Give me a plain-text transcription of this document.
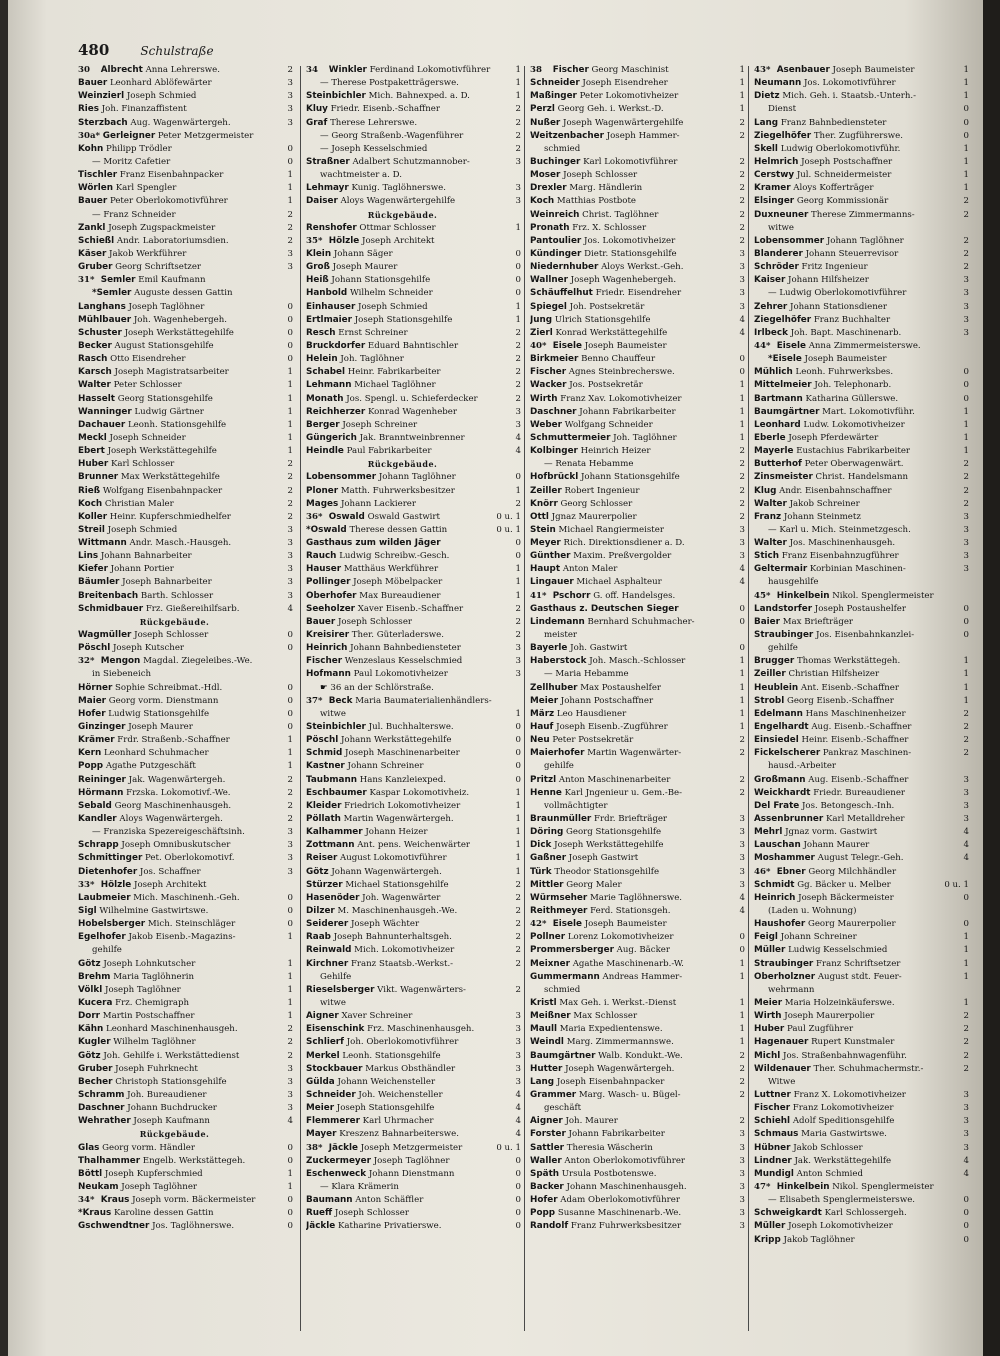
480	Schulstraße
30 Albrecht Anna Lehrerswe.	2
Bauer Leonhard Ablöfewärter	3
Weinzierl Joseph Schmied	3
Ries Joh. Finanzaffistent	3
Sterzbach Aug. Wagenwärtergeh.	3
30a* Gerleigner Peter Metzgermeister
Kohn Philipp Trödler	0
— Moritz Cafetier	0
Tischler Franz Eisenbahnpacker	1
Wörlen Karl Spengler	1
Bauer Peter Oberlokomotivführer	1
— Franz Schneider	2
Zankl Joseph Zugspackmeister	2
Schießl Andr. Laboratoriumsdien.	2
Käser Jakob Werkführer	3
Gruber Georg Schriftsetzer	3
31* Semler Emil Kaufmann
*Semler Auguste dessen Gattin
Langhans Joseph Taglöhner	0
Mühlbauer Joh. Wagenhebergeh.	0
Schuster Joseph Werkstättegehilfe	0
Becker August Stationsgehilfe	0
Rasch Otto Eisendreher	0
Karsch Joseph Magistratsarbeiter	1
Walter Peter Schlosser	1
Hasselt Georg Stationsgehilfe	1
Wanninger Ludwig Gärtner	1
Dachauer Leonh. Stationsgehilfe	1
Meckl Joseph Schneider	1
Ebert Joseph Werkstättegehilfe	1
Huber Karl Schlosser	2
Brunner Max Werkstättegehilfe	2
Rieß Wolfgang Eisenbahnpacker	2
Koch Christian Maler	2
Koller Heinr. Kupferschmiedhelfer	2
Streil Joseph Schmied	3
Wittmann Andr. Masch.-Hausgeh.	3
Lins Johann Bahnarbeiter	3
Kiefer Johann Portier	3
Bäumler Joseph Bahnarbeiter	3
Breitenbach Barth. Schlosser	3
Schmidbauer Frz. Gießereihilfsarb.	4
Rückgebäude.
Wagmüller Joseph Schlosser	0
Pöschl Joseph Kutscher	0
32* Mengon Magdal. Ziegeleibes.-We.
in Siebeneich
Hörner Sophie Schreibmat.-Hdl.	0
Maier Georg vorm. Dienstmann	0
Hofer Ludwig Stationsgehilfe	0
Ginzinger Joseph Maurer	0
Krämer Frdr. Straßenb.-Schaffner	1
Kern Leonhard Schuhmacher	1
Popp Agathe Putzgeschäft	1
Reininger Jak. Wagenwärtergeh.	2
Hörmann Frzska. Lokomotivf.-We.	2
Sebald Georg Maschinenhausgeh.	2
Kandler Aloys Wagenwärtergeh.	2
— Franziska Spezereigeschäftsinh.	3
Schrapp Joseph Omnibuskutscher	3
Schmittinger Pet. Oberlokomotivf.	3
Dietenhofer Jos. Schaffner	3
33* Hölzle Joseph Architekt
Laubmeier Mich. Maschinenh.-Geh.	0
Sigl Wilhelmine Gastwirtswe.	0
Hobelsberger Mich. Steinschläger	0
Egelhofer Jakob Eisenb.-Magazins-	1
gehilfe
Götz Joseph Lohnkutscher	1
Brehm Maria Taglöhnerin	1
Völkl Joseph Taglöhner	1
Kucera Frz. Chemigraph	1
Dorr Martin Postschaffner	1
Kähn Leonhard Maschinenhausgeh.	2
Kugler Wilhelm Taglöhner	2
Götz Joh. Gehilfe i. Werkstättedienst	2
Gruber Joseph Fuhrknecht	3
Becher Christoph Stationsgehilfe	3
Schramm Joh. Bureaudiener	3
Daschner Johann Buchdrucker	3
Wehrather Joseph Kaufmann	4
Rückgebäude.
Glas Georg vorm. Händler	0
Thalhammer Engelb. Werkstättegeh.	0
Böttl Joseph Kupferschmied	1
Neukam Joseph Taglöhner	1
34* Kraus Joseph vorm. Bäckermeister	0
*Kraus Karoline dessen Gattin	0
Gschwendtner Jos. Taglöhnerswe.	0
34 Winkler Ferdinand Lokomotivführer	1
— Therese Postpaketträgerswe.	1
Steinbichler Mich. Bahnexped. a. D.	1
Kluy Friedr. Eisenb.-Schaffner	2
Graf Therese Lehrerswe.	2
— Georg Straßenb.-Wagenführer	2
— Joseph Kesselschmied	2
Straßner Adalbert Schutzmannober-	3
wachtmeister a. D.
Lehmayr Kunig. Taglöhnerswe.	3
Daiser Aloys Wagenwärtergehilfe	3
Rückgebäude.
Renshofer Ottmar Schlosser	1
35* Hölzle Joseph Architekt
Klein Johann Säger	0
Groß Joseph Maurer	0
Heiß Johann Stationsgehilfe	0
Hanbold Wilhelm Schneider	0
Einhauser Joseph Schmied	1
Ertlmaier Joseph Stationsgehilfe	1
Resch Ernst Schreiner	2
Bruckdorfer Eduard Bahntischler	2
Helein Joh. Taglöhner	2
Schabel Heinr. Fabrikarbeiter	2
Lehmann Michael Taglöhner	2
Monath Jos. Spengl. u. Schieferdecker	2
Reichherzer Konrad Wagenheber	3
Berger Joseph Schreiner	3
Güngerich Jak. Branntweinbrenner	4
Heindle Paul Fabrikarbeiter	4
Rückgebäude.
Lobensommer Johann Taglöhner	0
Ploner Matth. Fuhrwerksbesitzer	1
Mages Johann Lackierer	2
36* Oswald Oswald Gastwirt	0 u. 1
*Oswald Therese dessen Gattin	0 u. 1
Gasthaus zum wilden Jäger	0
Rauch Ludwig Schreibw.-Gesch.	0
Hauser Matthäus Werkführer	1
Pollinger Joseph Möbelpacker	1
Oberhofer Max Bureaudiener	1
Seeholzer Xaver Eisenb.-Schaffner	2
Bauer Joseph Schlosser	2
Kreisirer Ther. Güterladerswe.	2
Heinrich Johann Bahnbediensteter	3
Fischer Wenzeslaus Kesselschmied	3
Hofmann Paul Lokomotivheizer	3
☛ 36 an der Schlörstraße.
37* Beck Maria Baumaterialienhändlers-
witwe	1
Steinbichler Jul. Buchhalterswe.	0
Pöschl Johann Werkstättegehilfe	0
Schmid Joseph Maschinenarbeiter	0
Kastner Johann Schreiner	0
Taubmann Hans Kanzleiexped.	0
Eschbaumer Kaspar Lokomotivheiz.	1
Kleider Friedrich Lokomotivheizer	1
Pöllath Martin Wagenwärtergeh.	1
Kalhammer Johann Heizer	1
Zottmann Ant. pens. Weichenwärter	1
Reiser August Lokomotivführer	1
Götz Johann Wagenwärtergeh.	1
Stürzer Michael Stationsgehilfe	2
Hasenöder Joh. Wagenwärter	2
Dilzer M. Maschinenhausgeh.-We.	2
Seiderer Joseph Wächter	2
Raab Joseph Bahnunterhaltsgeh.	2
Reinwald Mich. Lokomotivheizer	2
Kirchner Franz Staatsb.-Werkst.-	2
Gehilfe
Rieselsberger Vikt. Wagenwärters-	2
witwe
Aigner Xaver Schreiner	3
Eisenschink Frz. Maschinenhausgeh.	3
Schlierf Joh. Oberlokomotivführer	3
Merkel Leonh. Stationsgehilfe	3
Stockbauer Markus Obsthändler	3
Gülda Johann Weichensteller	3
Schneider Joh. Weichensteller	4
Meier Joseph Stationsgehilfe	4
Flemmerer Karl Uhrmacher	4
Mayer Kreszenz Bahnarbeiterswe.	4
38* Jäckle Joseph Metzgermeister	0 u. 1
Zuckermeyer Joseph Taglöhner	0
Eschenweck Johann Dienstmann	0
— Klara Krämerin	0
Baumann Anton Schäffler	0
Rueff Joseph Schlosser	0
Jäckle Katharine Privatierswe.	0
38 Fischer Georg Maschinist	1
Schneider Joseph Eisendreher	1
Maßinger Peter Lokomotivheizer	1
Perzl Georg Geh. i. Werkst.-D.	1
Nußer Joseph Wagenwärtergehilfe	2
Weitzenbacher Joseph Hammer-	2
schmied
Buchinger Karl Lokomotivführer	2
Moser Joseph Schlosser	2
Drexler Marg. Händlerin	2
Koch Matthias Postbote	2
Weinreich Christ. Taglöhner	2
Pronath Frz. X. Schlosser	2
Pantoulier Jos. Lokomotivheizer	2
Kündinger Dietr. Stationsgehilfe	3
Niedernhuber Aloys Werkst.-Geh.	3
Wallner Joseph Wagenhebergeh.	3
Schäuffelhut Friedr. Eisendreher	3
Spiegel Joh. Postsekretär	3
Jung Ulrich Stationsgehilfe	4
Zierl Konrad Werkstättegehilfe	4
40* Eisele Joseph Baumeister
Birkmeier Benno Chauffeur	0
Fischer Agnes Steinbrecherswe.	0
Wacker Jos. Postsekretär	1
Wirth Franz Xav. Lokomotivheizer	1
Daschner Johann Fabrikarbeiter	1
Weber Wolfgang Schneider	1
Schmuttermeier Joh. Taglöhner	1
Kolbinger Heinrich Heizer	2
— Renata Hebamme	2
Hofbrückl Johann Stationsgehilfe	2
Zeiller Robert Ingenieur	2
Knörr Georg Schlosser	2
Ottl Jgnaz Maurerpolier	2
Stein Michael Rangiermeister	3
Meyer Rich. Direktionsdiener a. D.	3
Günther Maxim. Preßvergolder	3
Haupt Anton Maler	4
Lingauer Michael Asphalteur	4
41* Pschorr G. off. Handelsges.
Gasthaus z. Deutschen Sieger	0
Lindemann Bernhard Schuhmacher-	0
meister
Bayerle Joh. Gastwirt	0
Haberstock Joh. Masch.-Schlosser	1
— Maria Hebamme	1
Zellhuber Max Postaushelfer	1
Meier Johann Postschaffner	1
März Leo Hausdiener	1
Hauf Joseph Eisenb.-Zugführer	1
Neu Peter Postsekretär	2
Maierhofer Martin Wagenwärter-	2
gehilfe
Pritzl Anton Maschinenarbeiter	2
Henne Karl Jngenieur u. Gem.-Be-	2
vollmächtigter
Braunmüller Frdr. Briefträger	3
Döring Georg Stationsgehilfe	3
Dick Joseph Werkstättegehilfe	3
Gaßner Joseph Gastwirt	3
Türk Theodor Stationsgehilfe	3
Mittler Georg Maler	3
Würmseher Marie Taglöhnerswe.	4
Reithmeyer Ferd. Stationsgeh.	4
42* Eisele Joseph Baumeister
Pollner Lorenz Lokomotivheizer	0
Prommersberger Aug. Bäcker	0
Meixner Agathe Maschinenarb.-W.	1
Gummermann Andreas Hammer-	1
schmied
Kristl Max Geh. i. Werkst.-Dienst	1
Meißner Max Schlosser	1
Maull Maria Expedientenswe.	1
Weindl Marg. Zimmermannswe.	1
Baumgärtner Walb. Kondukt.-We.	2
Hutter Joseph Wagenwärtergeh.	2
Lang Joseph Eisenbahnpacker	2
Grammer Marg. Wasch- u. Bügel-	2
geschäft
Aigner Joh. Maurer	2
Forster Johann Fabrikarbeiter	3
Sattler Theresia Wäscherin	3
Waller Anton Oberlokomotivführer	3
Späth Ursula Postbotenswe.	3
Backer Johann Maschinenhausgeh.	3
Hofer Adam Oberlokomotivführer	3
Popp Susanne Maschinenarb.-We.	3
Randolf Franz Fuhrwerksbesitzer	3
43* Asenbauer Joseph Baumeister	1
Neumann Jos. Lokomotivführer	1
Dietz Mich. Geh. i. Staatsb.-Unterh.-	1
Dienst	0
Lang Franz Bahnbediensteter	0
Ziegelhöfer Ther. Zugführerswe.	0
Skell Ludwig Oberlokomotivführ.	1
Helmrich Joseph Postschaffner	1
Cerstwy Jul. Schneidermeister	1
Kramer Aloys Kofferträger	1
Elsinger Georg Kommissionär	2
Duxneuner Therese Zimmermanns-	2
witwe
Lobensommer Johann Taglöhner	2
Blanderer Johann Steuerrevisor	2
Schröder Fritz Ingenieur	2
Kaiser Johann Hilfsheizer	3
— Ludwig Oberlokomotivführer	3
Zehrer Johann Stationsdiener	3
Ziegelhöfer Franz Buchhalter	3
Irlbeck Joh. Bapt. Maschinenarb.	3
44* Eisele Anna Zimmermeisterswe.
*Eisele Joseph Baumeister
Mühlich Leonh. Fuhrwerksbes.	0
Mittelmeier Joh. Telephonarb.	0
Bartmann Katharina Güllerswe.	0
Baumgärtner Mart. Lokomotivführ.	1
Leonhard Ludw. Lokomotivheizer	1
Eberle Joseph Pferdewärter	1
Mayerle Eustachius Fabrikarbeiter	1
Butterhof Peter Oberwagenwärt.	2
Zinsmeister Christ. Handelsmann	2
Klug Andr. Eisenbahnschaffner	2
Walter Jakob Schreiner	2
Franz Johann Steinmetz	3
— Karl u. Mich. Steinmetzgesch.	3
Walter Jos. Maschinenhausgeh.	3
Stich Franz Eisenbahnzugführer	3
Geltermair Korbinian Maschinen-	3
hausgehilfe
45* Hinkelbein Nikol. Spenglermeister
Landstorfer Joseph Postaushelfer	0
Baier Max Briefträger	0
Straubinger Jos. Eisenbahnkanzlei-	0
gehilfe
Brugger Thomas Werkstättegeh.	1
Zeiller Christian Hilfsheizer	1
Heublein Ant. Eisenb.-Schaffner	1
Strobl Georg Eisenb.-Schaffner	1
Edelmann Hans Maschinenheizer	2
Engelhardt Aug. Eisenb.-Schaffner	2
Einsiedel Heinr. Eisenb.-Schaffner	2
Fickelscherer Pankraz Maschinen-	2
hausd.-Arbeiter
Großmann Aug. Eisenb.-Schaffner	3
Weickhardt Friedr. Bureaudiener	3
Del Frate Jos. Betongesch.-Inh.	3
Assenbrunner Karl Metalldreher	3
Mehrl Jgnaz vorm. Gastwirt	4
Lauschan Johann Maurer	4
Moshammer August Telegr.-Geh.	4
46* Ebner Georg Milchhändler
Schmidt Gg. Bäcker u. Melber	0 u. 1
Heinrich Joseph Bäckermeister	0
(Laden u. Wohnung)
Haushofer Georg Maurerpolier	0
Feigl Johann Schreiner	1
Müller Ludwig Kesselschmied	1
Straubinger Franz Schriftsetzer	1
Oberholzner August stdt. Feuer-	1
wehrmann
Meier Maria Holzeinkäuferswe.	1
Wirth Joseph Maurerpolier	2
Huber Paul Zugführer	2
Hagenauer Rupert Kunstmaler	2
Michl Jos. Straßenbahnwagenführ.	2
Wildenauer Ther. Schuhmachermstr.-	2
Witwe
Luttner Franz X. Lokomotivheizer	3
Fischer Franz Lokomotivheizer	3
Schiehl Adolf Speditionsgehilfe	3
Schmaus Maria Gastwirtswe.	3
Hübner Jakob Schlosser	3
Lindner Jak. Werkstättegehilfe	4
Mundigl Anton Schmied	4
47* Hinkelbein Nikol. Spenglermeister
— Elisabeth Spenglermeisterswe.	0
Schweigkardt Karl Schlossergeh.	0
Müller Joseph Lokomotivheizer	0
Kripp Jakob Taglöhner	0
